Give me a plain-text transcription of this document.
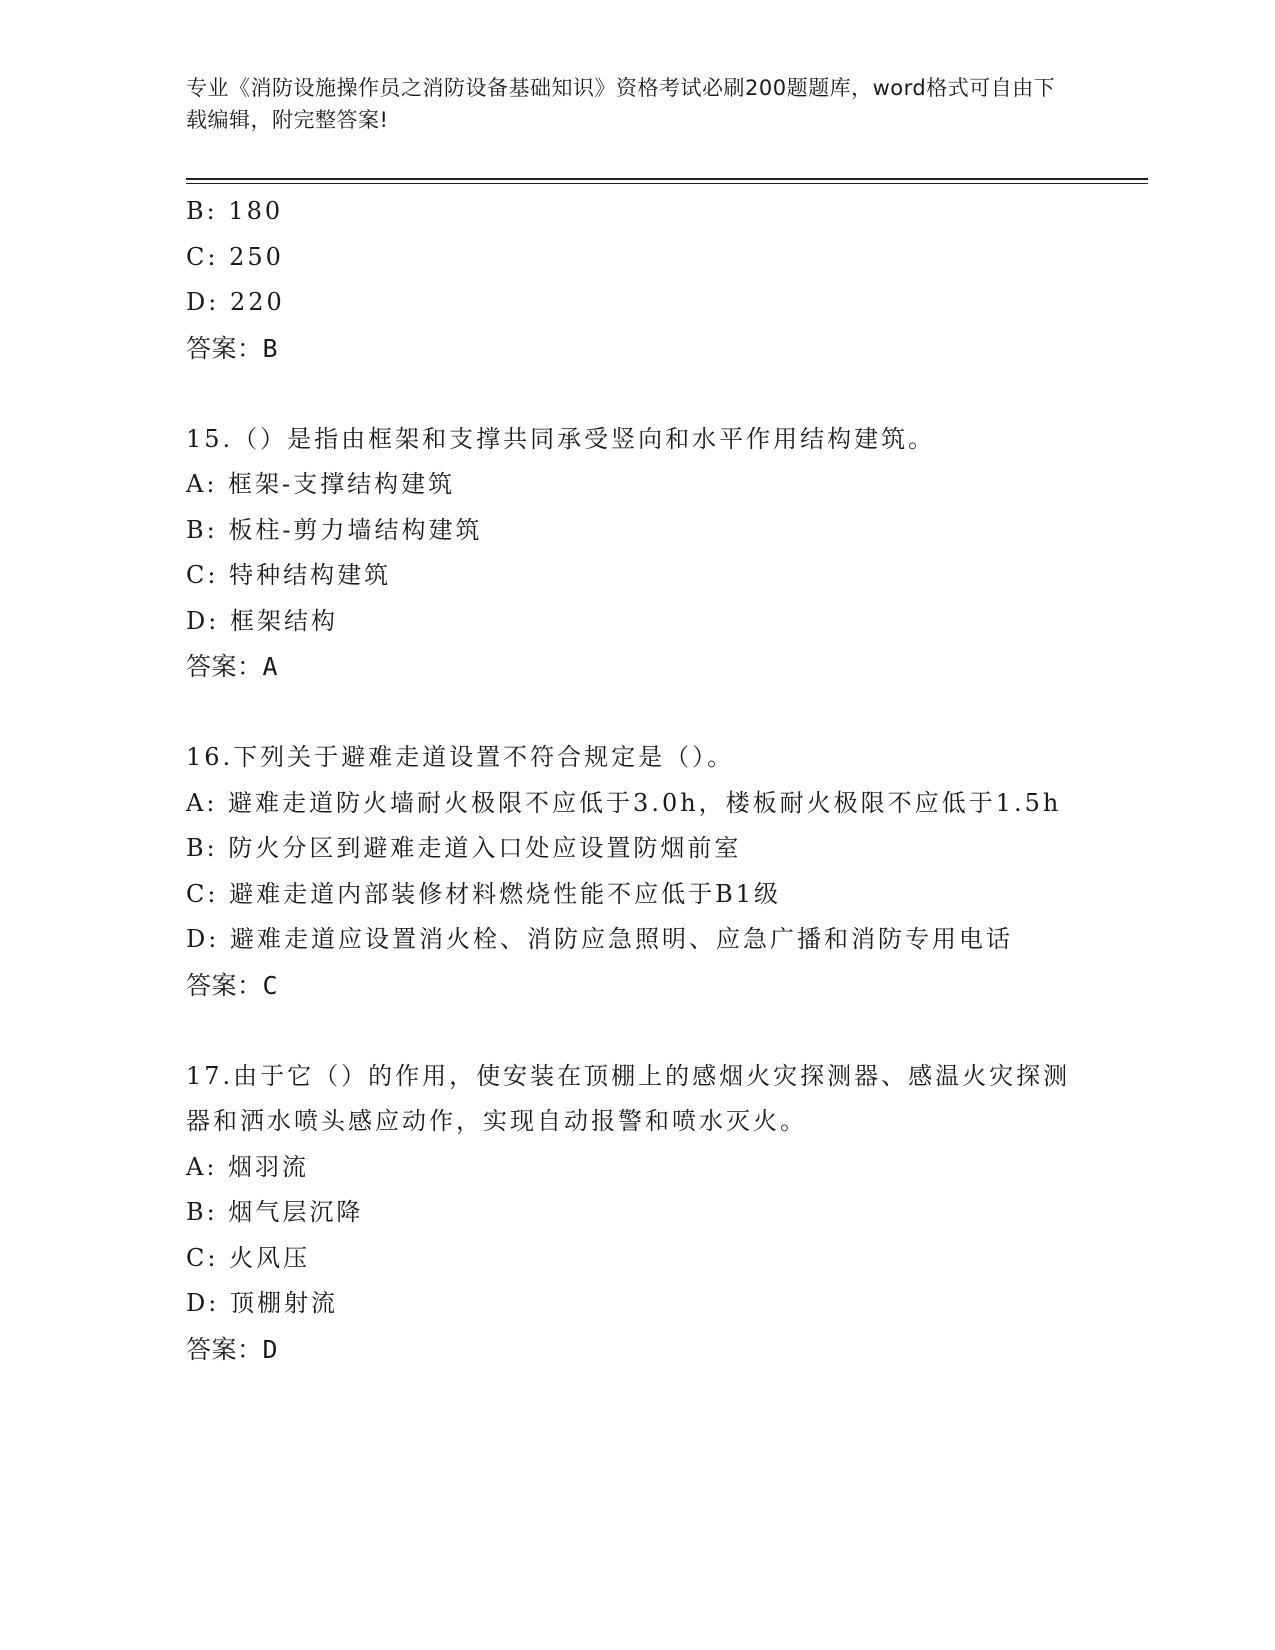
专业《消防设施操作员之消防设备基础知识》资格考试必刷200题题库，word格式可自由下载编辑，附完整答案!
B: 180
C: 250
D: 220
答案：B
15.（）是指由框架和支撑共同承受竖向和水平作用结构建筑。
A: 框架-支撑结构建筑
B: 板柱-剪力墙结构建筑
C: 特种结构建筑
D: 框架结构
答案：A
16.下列关于避难走道设置不符合规定是（）。
A: 避难走道防火墙耐火极限不应低于3.0h，楼板耐火极限不应低于1.5h
B: 防火分区到避难走道入口处应设置防烟前室
C: 避难走道内部装修材料燃烧性能不应低于B1级
D: 避难走道应设置消火栓、消防应急照明、应急广播和消防专用电话
答案：C
17.由于它（）的作用，使安装在顶棚上的感烟火灾探测器、感温火灾探测器和洒水喷头感应动作，实现自动报警和喷水灭火。
A: 烟羽流
B: 烟气层沉降
C: 火风压
D: 顶棚射流
答案：D
